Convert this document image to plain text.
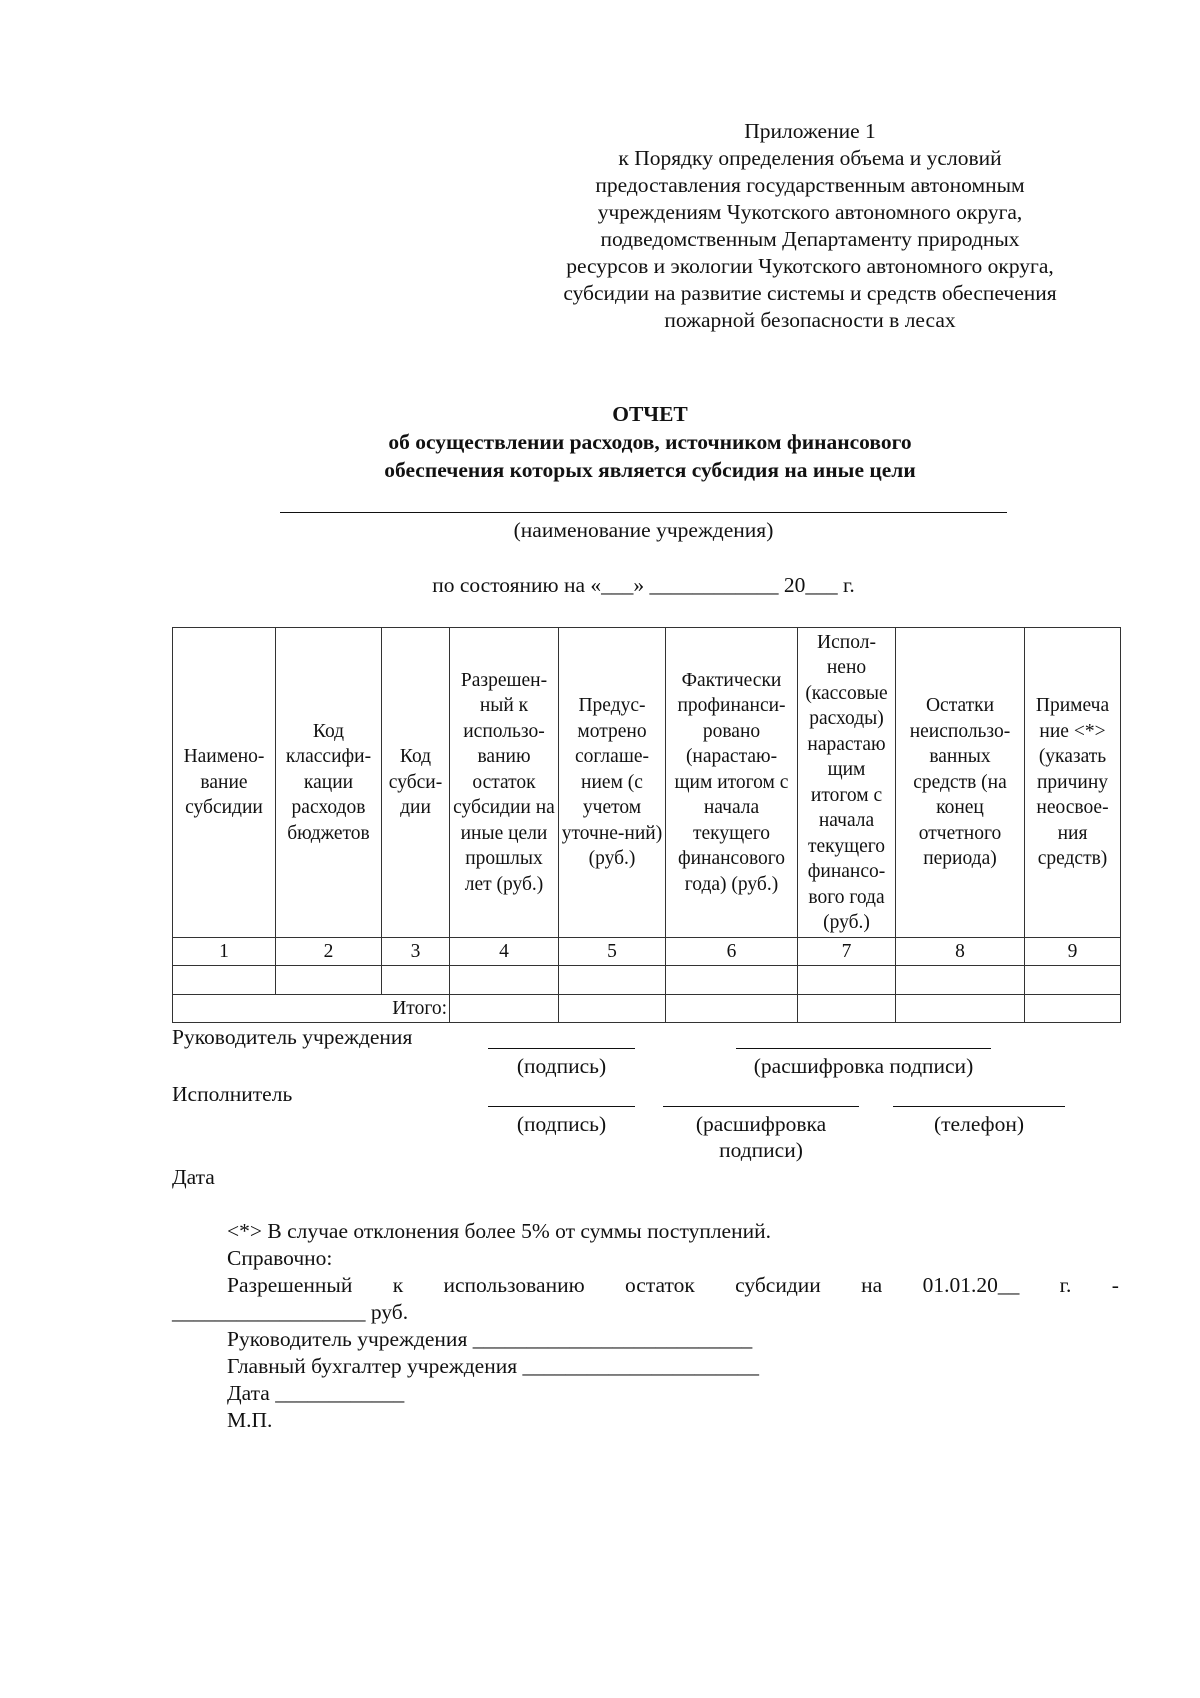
Приложение 1
к Порядку определения объема и условий
предоставления государственным автономным
учреждениям Чукотского автономного округа,
подведомственным Департаменту природных
ресурсов и экологии Чукотского автономного округа,
субсидии на развитие системы и средств обеспечения
пожарной безопасности в лесах
ОТЧЕТ
об осуществлении расходов, источником финансового
обеспечения которых является субсидия на иные цели
(наименование учреждения)
по состоянию на «___» ____________ 20___ г.
Наимено-вание субсидии	Код классифи-кации расходов бюджетов	Код субси-дии	Разрешен-ный к использо-ванию остаток субсидии на иные цели прошлых лет (руб.)	Предус-мотрено соглаше-нием (с учетом уточне-ний) (руб.)	Фактически профинанси-ровано (нарастаю-щим итогом с начала текущего финансового года) (руб.)	Испол-нено (кассовые расходы) нарастаю щим итогом с начала текущего финансо-вого года (руб.)	Остатки неиспользо-ванных средств (на конец отчетного периода)	Примеча ние <*> (указать причину неосвое-ния средств)
1	2	3	4	5	6	7	8	9

Итого:								
Руководитель учреждения
(подпись)	(расшифровка подписи)
Исполнитель
(подпись)	(расшифровка
подписи)
(телефон)
Дата
<*> В случае отклонения более 5% от суммы поступлений.
Справочно:
Разрешенный к использованию остаток субсидии на 01.01.20__ г. -
__________________ руб.
Руководитель учреждения __________________________
Главный бухгалтер учреждения ______________________
Дата ____________
М.П.
